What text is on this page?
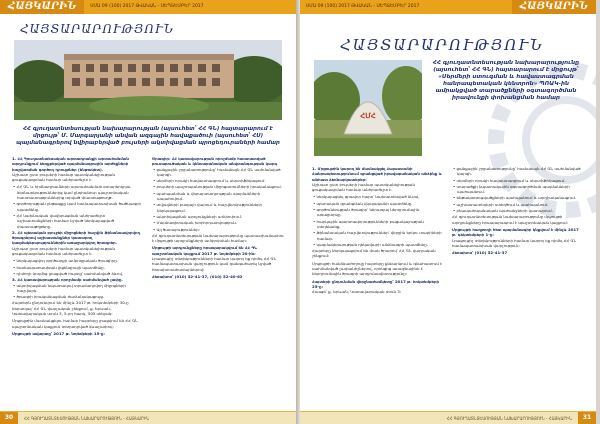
ՀԱՅԿԱՐԻՆ	ՍՄԱ 09 (100) 2017 ԹՎԱԿԱՆ - ՍԵՊՏԵՄԲԵՐ 2017
ՀԱՅՏԱՐԱՐՈՒԹՅՈՒՆ
ՀՀ գյուղատնտեսության նախարարության (այսուհետ՝ ՀՀ ԳՆ) հայտարարում է մրցույթ՝ Մ. Մարգարյանի անվան ազգային հավաքածուի (այսուհետ՝ ՀՍ) պայմանագրերով նվիրաբերված բույսերի ակտիվացման պրոցեդուրաների համար
1. ՀՀ Գյուղատնտեսական արտադրանքի արտահանման արդյունքում ձեռքբերված պայմանագրային արժեքների հաշվառման գործող դրույթներ (ենթակետ).
Աշխատ ըստ բույսերի համար պատկանելիության ցուցակագրման համար անհրաժեշտ է.
• ՀՀ ԳՆ և հիմնադրամների արտահանման օտարերկրյա ձեռնարկություններից կամ ընդհանուր պաշտոնական հաստատություններից տրված փաստաթուղթ.
• գործողության ընթացքը կամ համապատասխան ծածկագրի պատճենը.
• ՀՀ նախնական վավերացման անհրաժեշտ աշխատանքների համար նշված ներկայացված փաստաթղթերը.
2. ՀՀ պետական բյուջեի միջոցների հաշվին ֆինանսավորվող ծրագրերով աշխատանքներ կատարող կազմակերպություններին առաջարկվող ծրագրեր.
Աշխատ ըստ բույսերի համար պատկանելիության ցուցակագրման համար անհրաժեշտ է.
• ներկայացվող գործարքի ամբողջական ծրագիրը.
• համապատասխան լիցենզիայի պատճենը.
• դիմողի կողմից լրացված հայտը՝ սահմանված ձևով.
3. ՀՀ կառավարության որոշմամբ սահմանված չափը.
• ակտիվացման նպատակով տրամադրվող միջոցների հաշվարկ.
• ծրագրի իրականացման ժամանակացույց.
Հայտերն ընդունվում են մինչև 2017 թ. հոկտեմբերի 30-ը ներառյալ՝ ՀՀ ԳՆ վարչական շենքում, ք. Երևան, Կառավարական տուն 3, 5-րդ հարկ, 505 սենյակ:
Մրցույթին մասնակցելու համար հայտերը լրացվում են ՀՀ ԳՆ պաշտոնական կայքում տեղադրված ձևաչափով:
Մրցույթի ավարտը՝ 2017 թ. նոյեմբերի 15-ը:
Ծրագիր: ՀՀ կառավարության որոշմամբ հաստատված բուսաբուծական և կենսաբանական անվտանգության կարգ
• ցանքային շրջանառությունը՝ համաձայն ՀՀ ԳՆ սահմանված կարգի.
• սերմերի որակի հավաստագրում և սերտիֆիկացում.
• բույսերի պաշտպանության միջոցառումների իրականացում.
• պահպանման և վերարտադրության պայմանների ապահովում.
• տվյալների բազայի վարում և հաշվետվությունների ներկայացում.
• ակտիվացման արդյունքների ամփոփում.
• Մասնագիտական խորհրդատվություն.
• Այլ ծառայություններ։
ՀՀ գյուղատնտեսության նախարարությունը պատասխանատու է մրցույթի արդյունքների ամփոփման համար:
Մրցույթի արդյունքները հրապարակվում են ՀՀ ԳՆ պաշտոնական կայքում 2017 թ. նոյեմբերի 20-ին:
Լրացուցիչ տեղեկությունների համար կարող եք դիմել ՀՀ ԳՆ համապատասխան վարչություն կամ զանգահարել նշված հեռախոսահամարներով:
Հեռախոս՝ (010) 52-41-37, (010) 52-40-62
30	ՀՀ ԳՅՈՒՂԱՏՆՏԵՍՈՒԹՅԱՆ ՆԱԽԱՐԱՐՈՒԹՅՈՒՆ - ՀԱՅԿԱՐԻՆ
ՍՄԱ 09 (100) 2017 ԹՎԱԿԱՆ - ՍԵՊՏԵՄԲԵՐ 2017	ՀԱՅԿԱՐԻՆ
ՀԱՅՏԱՐԱՐՈՒԹՅՈՒՆ
ՀՄՀ
ՀՀ գյուղատնտեսության նախարարությունը (այսուհետ՝ ՀՀ ԳՆ) հայտարարում է մրցույթ՝ «Սերմերի ստուգման և հավաստագրման հանրապետական կենտրոն» ՊՈԱԿ-ին ամրակցված տարածքների օգտագործման իրավունքի փոխանցման համար
1. Մրցույթին կարող են մասնակցել Հայաստանի Հանրապետությունում գրանցված իրավաբանական անձինք և անհատ ձեռնարկատերեր:
Աշխատ ըստ բույսերի համար պատկանելիության ցուցակագրման համար անհրաժեշտ է.
• ներկայացնել գրավոր հայտ՝ նախատեսված ձևով.
• պետական գրանցման վկայականի պատճենը.
• գործունեության ծրագիր՝ ներառյալ ներդրումային առաջարկը.
• հարկային պարտավորությունների բացակայության տեղեկանք.
• ֆինանսական հաշվետվություններ՝ վերջին երկու տարիների համար.
• կազմակերպության ղեկավարի անձնագրի պատճենը.
Հայտերը ներկայացվում են փակ ծրարով՝ ՀՀ ԳՆ վարչական շենքում:
Մրցույթի հանձնաժողովը հայտերը քննարկում և գնահատում է սահմանված չափանիշներով, որոնցից առաջնայինն է ներդրումային ծրագրի արդյունավետությունը:
Հայտերի ընդունման վերջնաժամկետը՝ 2017 թ. հոկտեմբերի 25-ը:
Հասցե՝ ք. Երևան, Կառավարական տուն 3:
• ցանքային շրջանառությունը՝ համաձայն ՀՀ ԳՆ սահմանված կարգի.
• սերմերի որակի հավաստագրում և սերտիֆիկացում.
• տարածքի նպատակային օգտագործման պայմանների պահպանում.
• ենթակառուցվածքների պահպանում և արդիականացում.
• աշխատատեղերի ստեղծում և պահպանում.
• բնապահպանական պահանջների կատարում.
ՀՀ գյուղատնտեսության նախարարությունը մրցույթի արդյունքները հրապարակում է պաշտոնական կայքում:
Մրցույթի հաղթողի հետ պայմանագիր կնքվում է մինչև 2017 թ. դեկտեմբերի 1-ը:
Լրացուցիչ տեղեկությունների համար կարող եք դիմել ՀՀ ԳՆ համապատասխան վարչություն:
Հեռախոս՝ (010) 52-41-37
ՀՀ ԳՅՈՒՂԱՏՆՏԵՍՈՒԹՅԱՆ ՆԱԽԱՐԱՐՈՒԹՅՈՒՆ - ՀԱՅԿԱՐԻՆ	31
